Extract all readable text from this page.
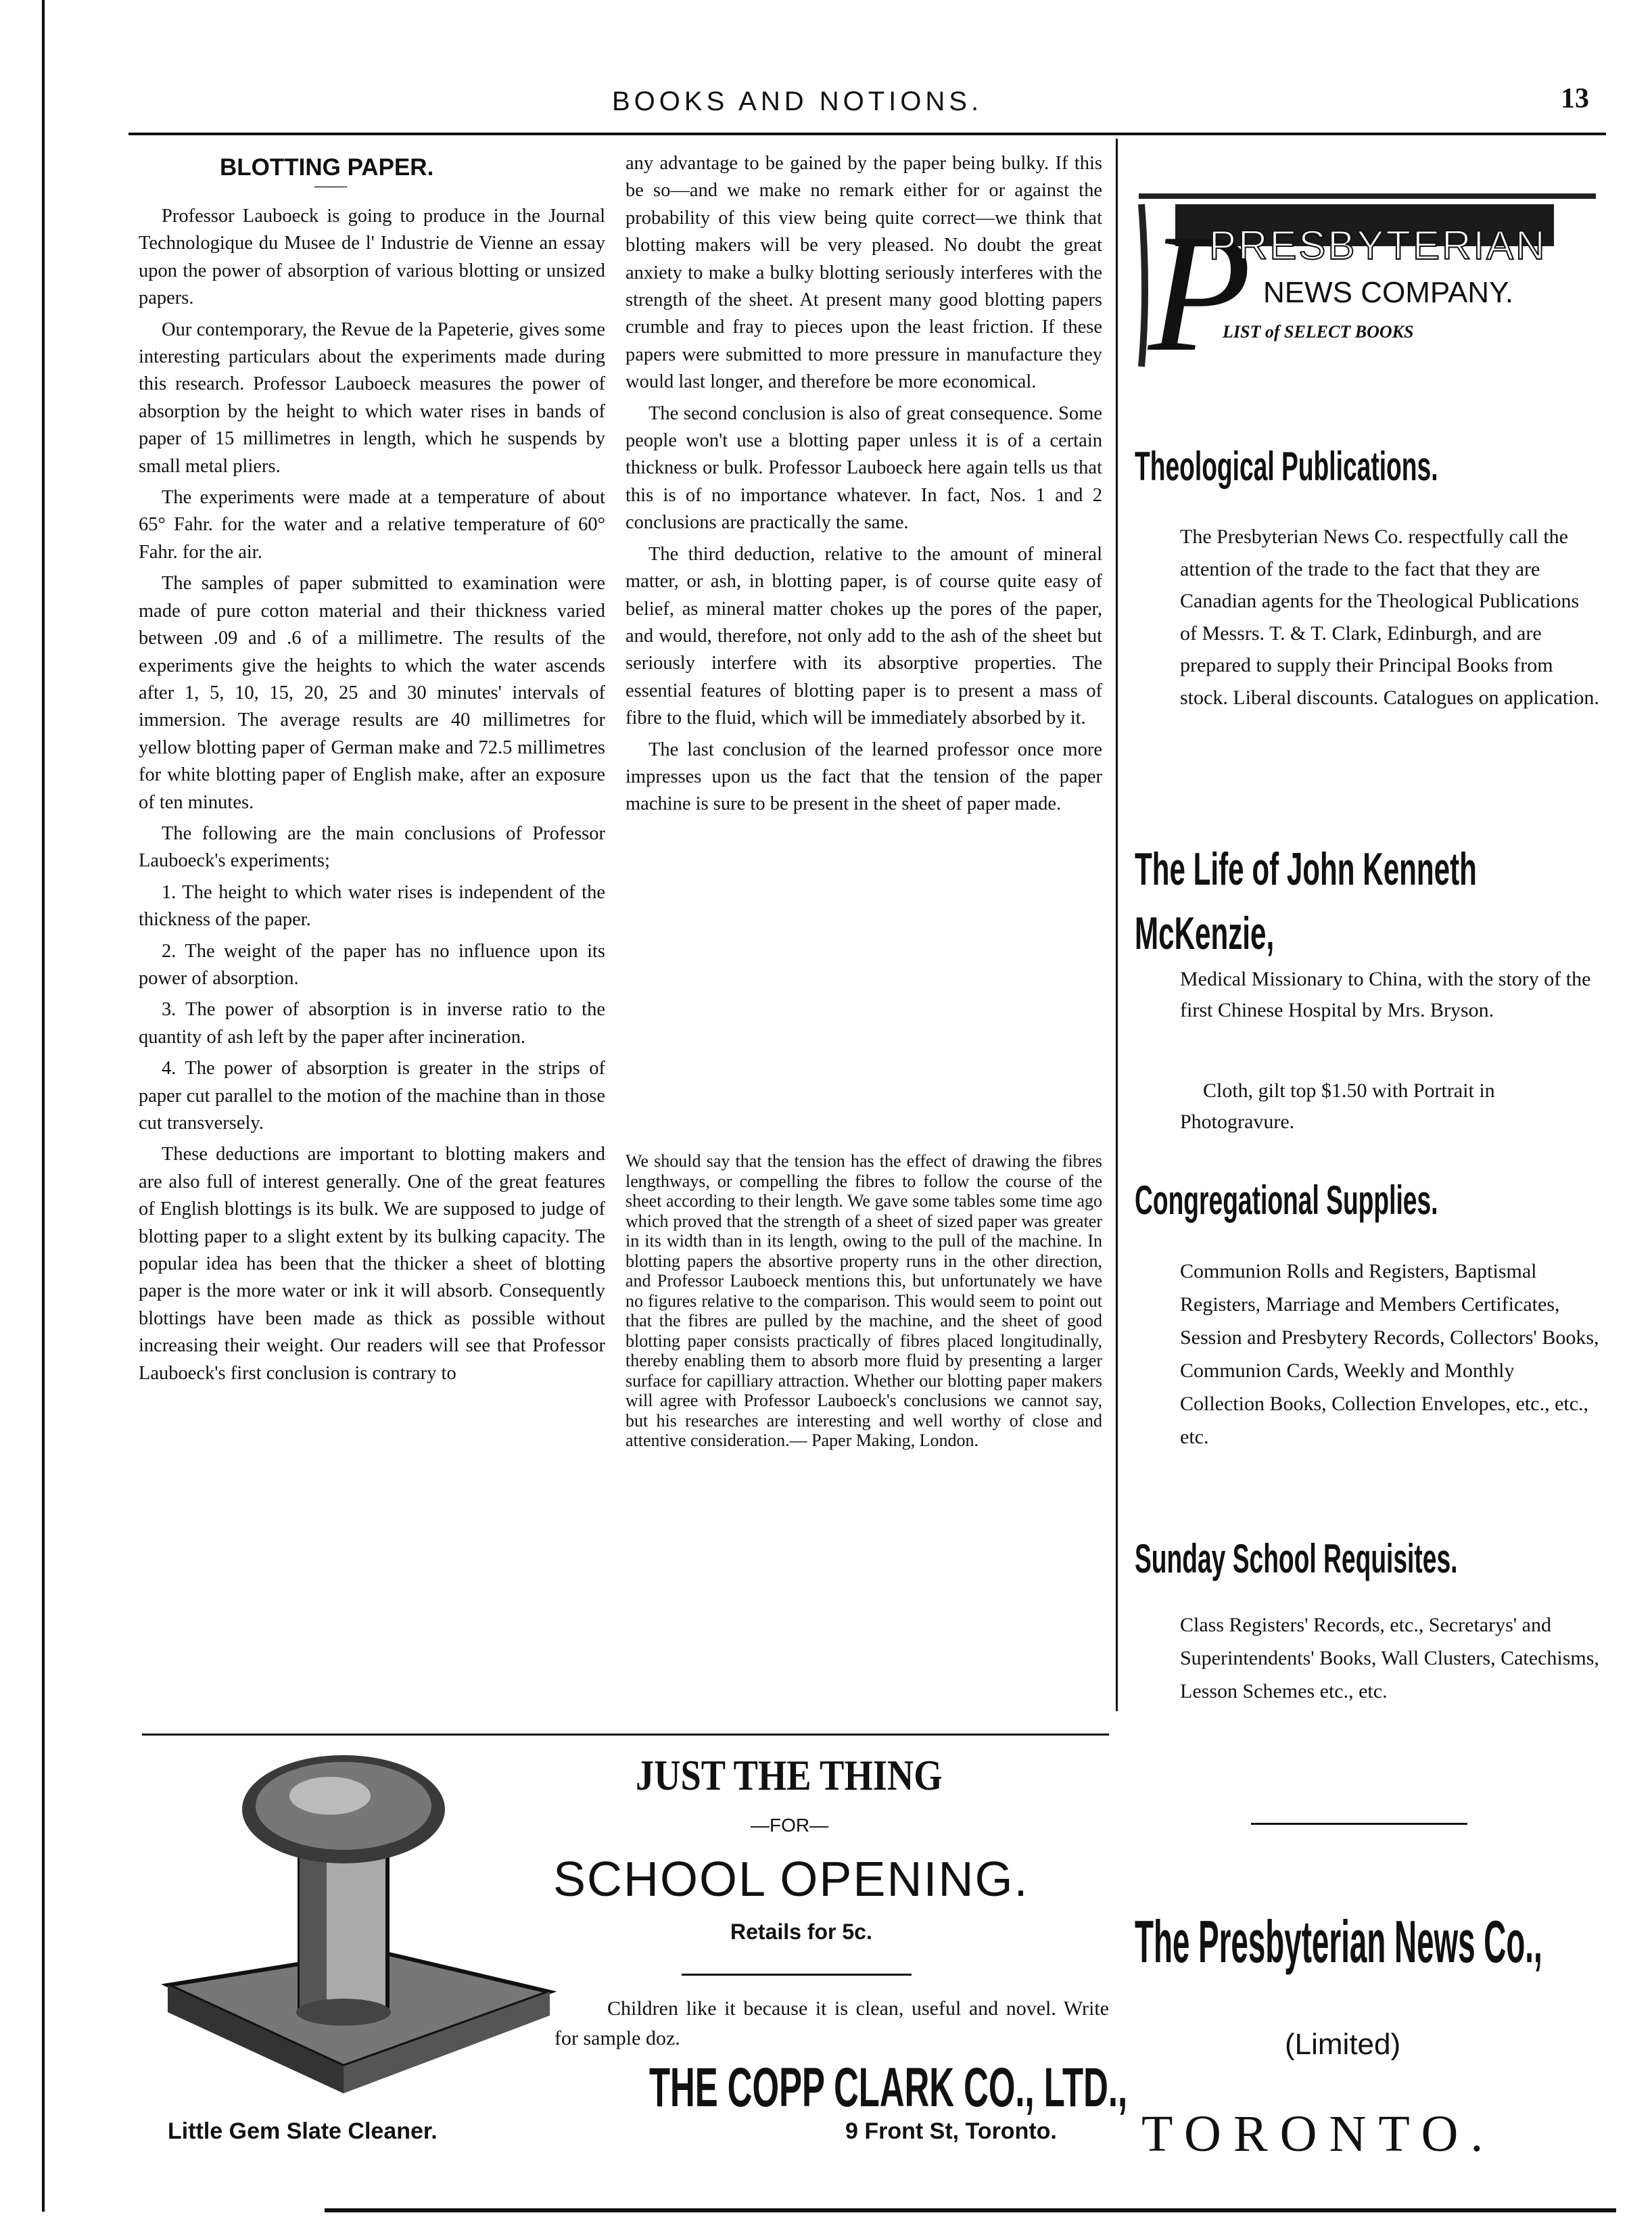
BOOKS AND NOTIONS.	13
BLOTTING PAPER.
——

Professor Lauboeck is going to produce in the Journal Technologique du Musee de l' Industrie de Vienne an essay upon the power of absorption of various blotting or unsized papers.

Our contemporary, the Revue de la Papeterie, gives some interesting particulars about the experiments made during this research. Professor Lauboeck measures the power of absorption by the height to which water rises in bands of paper of 15 millimetres in length, which he suspends by small metal pliers.

The experiments were made at a temperature of about 65° Fahr. for the water and a relative temperature of 60° Fahr. for the air.

The samples of paper submitted to examination were made of pure cotton material and their thickness varied between .09 and .6 of a millimetre. The results of the experiments give the heights to which the water ascends after 1, 5, 10, 15, 20, 25 and 30 minutes' intervals of immersion. The average results are 40 millimetres for yellow blotting paper of German make and 72.5 millimetres for white blotting paper of English make, after an exposure of ten minutes.

The following are the main conclusions of Professor Lauboeck's experiments;

1. The height to which water rises is independent of the thickness of the paper.

2. The weight of the paper has no influence upon its power of absorption.

3. The power of absorption is in inverse ratio to the quantity of ash left by the paper after incineration.

4. The power of absorption is greater in the strips of paper cut parallel to the motion of the machine than in those cut transversely.

These deductions are important to blotting makers and are also full of interest generally. One of the great features of English blottings is its bulk. We are supposed to judge of blotting paper to a slight extent by its bulking capacity. The popular idea has been that the thicker a sheet of blotting paper is the more water or ink it will absorb. Consequently blottings have been made as thick as possible without increasing their weight. Our readers will see that Professor Lauboeck's first conclusion is contrary to

any advantage to be gained by the paper being bulky. If this be so—and we make no remark either for or against the probability of this view being quite correct—we think that blotting makers will be very pleased. No doubt the great anxiety to make a bulky blotting seriously interferes with the strength of the sheet. At present many good blotting papers crumble and fray to pieces upon the least friction. If these papers were submitted to more pressure in manufacture they would last longer, and therefore be more economical.

The second conclusion is also of great consequence. Some people won't use a blotting paper unless it is of a certain thickness or bulk. Professor Lauboeck here again tells us that this is of no importance whatever. In fact, Nos. 1 and 2 conclusions are practically the same.

The third deduction, relative to the amount of mineral matter, or ash, in blotting paper, is of course quite easy of belief, as mineral matter chokes up the pores of the paper, and would, therefore, not only add to the ash of the sheet but seriously interfere with its absorptive properties. The essential features of blotting paper is to present a mass of fibre to the fluid, which will be immediately absorbed by it.

The last conclusion of the learned professor once more impresses upon us the fact that the tension of the paper machine is sure to be present in the sheet of paper made.

We should say that the tension has the effect of drawing the fibres lengthways, or compelling the fibres to follow the course of the sheet according to their length. We gave some tables some time ago which proved that the strength of a sheet of sized paper was greater in its width than in its length, owing to the pull of the machine. In blotting papers the absortive property runs in the other direction, and Professor Lauboeck mentions this, but unfortunately we have no figures relative to the comparison. This would seem to point out that the fibres are pulled by the machine, and the sheet of good blotting paper consists practically of fibres placed longitudinally, thereby enabling them to absorb more fluid by presenting a larger surface for capilliary attraction. Whether our blotting paper makers will agree with Professor Lauboeck's conclusions we cannot say, but his researches are interesting and well worthy of close and attentive consideration.— Paper Making, London.
P
PRESBYTERIAN
NEWS COMPANY.
LIST of SELECT BOOKS
Theological Publications.
The Presbyterian News Co. respectfully call the attention of the trade to the fact that they are Canadian agents for the Theological Publications of Messrs. T. & T. Clark, Edinburgh, and are prepared to supply their Principal Books from stock. Liberal discounts. Catalogues on application.
The Life of John Kenneth McKenzie,
Medical Missionary to China, with the story of the first Chinese Hospital by Mrs. Bryson.
Cloth, gilt top $1.50 with Portrait in Photogravure.
Congregational Supplies.
Communion Rolls and Registers, Baptismal Registers, Marriage and Members Certificates, Session and Presbytery Records, Collectors' Books, Communion Cards, Weekly and Monthly Collection Books, Collection Envelopes, etc., etc., etc.
Sunday School Requisites.
Class Registers' Records, etc., Secretarys' and Superintendents' Books, Wall Clusters, Catechisms, Lesson Schemes etc., etc.
The Presbyterian News Co.,
(Limited)
TORONTO.
Little Gem Slate Cleaner.
JUST THE THING
—FOR—
SCHOOL OPENING.
Retails for 5c.
Children like it because it is clean, useful and novel. Write for sample doz.
THE COPP CLARK CO., LTD.,
9 Front St, Toronto.
